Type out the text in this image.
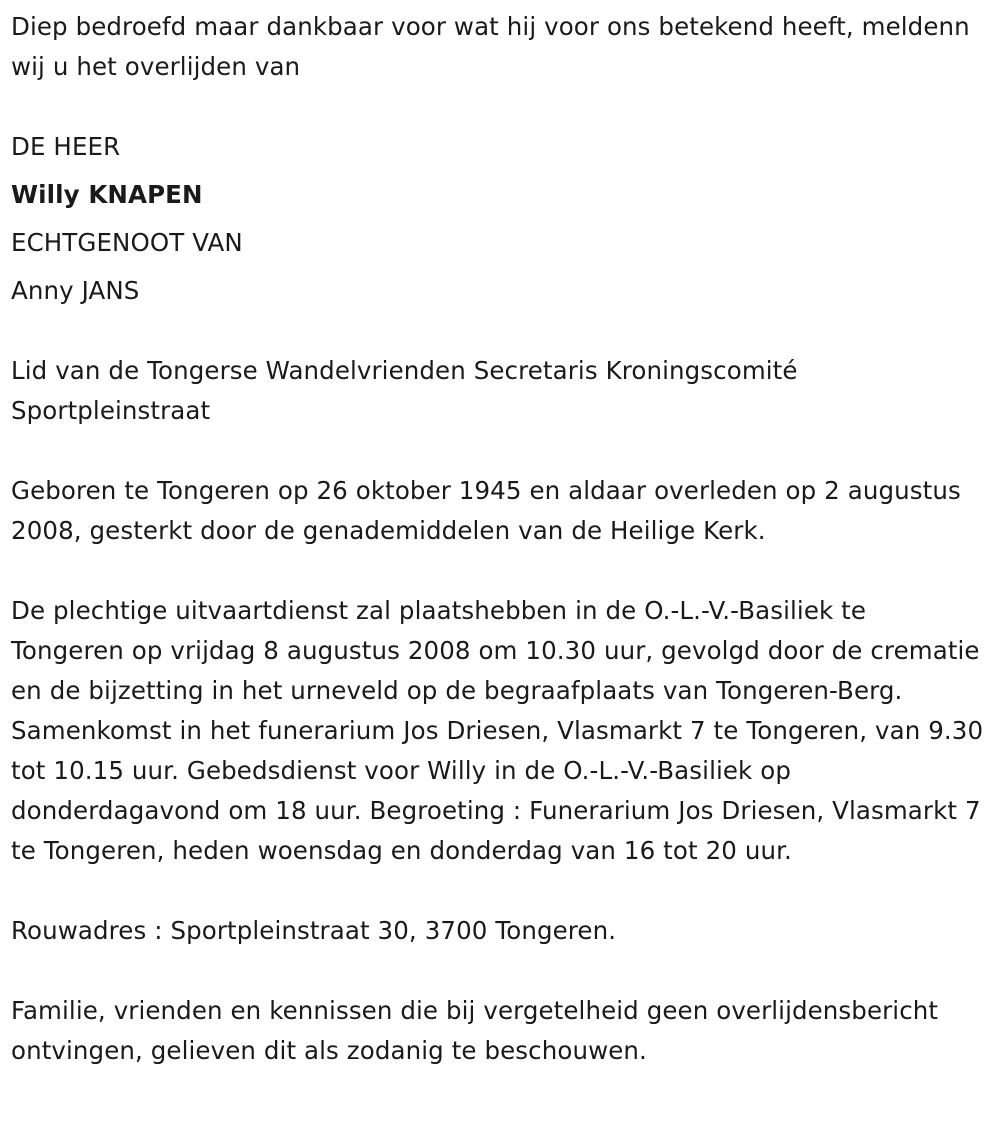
Diep bedroefd maar dankbaar voor wat hij voor ons betekend heeft, meldenn wij u het overlijden van

DE HEER

Willy KNAPEN

ECHTGENOOT VAN

Anny JANS

Lid van de Tongerse Wandelvrienden Secretaris Kroningscomité Sportpleinstraat

Geboren te Tongeren op 26 oktober 1945 en aldaar overleden op 2 augustus 2008, gesterkt door de genademiddelen van de Heilige Kerk.

De plechtige uitvaartdienst zal plaatshebben in de O.-L.-V.-Basiliek te Tongeren op vrijdag 8 augustus 2008 om 10.30 uur, gevolgd door de crematie en de bijzetting in het urneveld op de begraafplaats van Tongeren-Berg. Samenkomst in het funerarium Jos Driesen, Vlasmarkt 7 te Tongeren, van 9.30 tot 10.15 uur. Gebedsdienst voor Willy in de O.-L.-V.-Basiliek op donderdagavond om 18 uur. Begroeting : Funerarium Jos Driesen, Vlasmarkt 7 te Tongeren, heden woensdag en donderdag van 16 tot 20 uur.

Rouwadres : Sportpleinstraat 30, 3700 Tongeren.

Familie, vrienden en kennissen die bij vergetelheid geen overlijdensbericht ontvingen, gelieven dit als zodanig te beschouwen.
